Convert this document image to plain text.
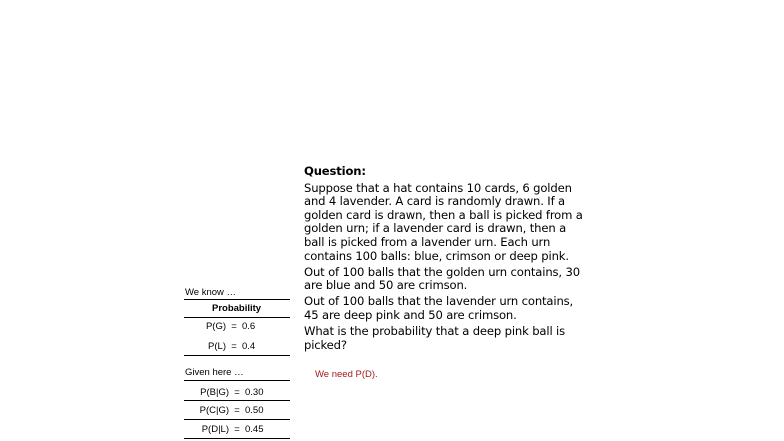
Question:

Suppose that a hat contains 10 cards, 6 golden and 4 lavender. A card is randomly drawn. If a golden card is drawn, then a ball is picked from a golden urn; if a lavender card is drawn, then a ball is picked from a lavender urn. Each urn contains 100 balls: blue, crimson or deep pink.

Out of 100 balls that the golden urn contains, 30 are blue and 50 are crimson.

Out of 100 balls that the lavender urn contains, 45 are deep pink and 50 are crimson.

What is the probability that a deep pink ball is picked?

We know …
Probability
P(G) = 0.6
P(L) = 0.4
Given here …
P(B|G) = 0.30
P(C|G) = 0.50
P(D|L) = 0.45
We need P(D).
